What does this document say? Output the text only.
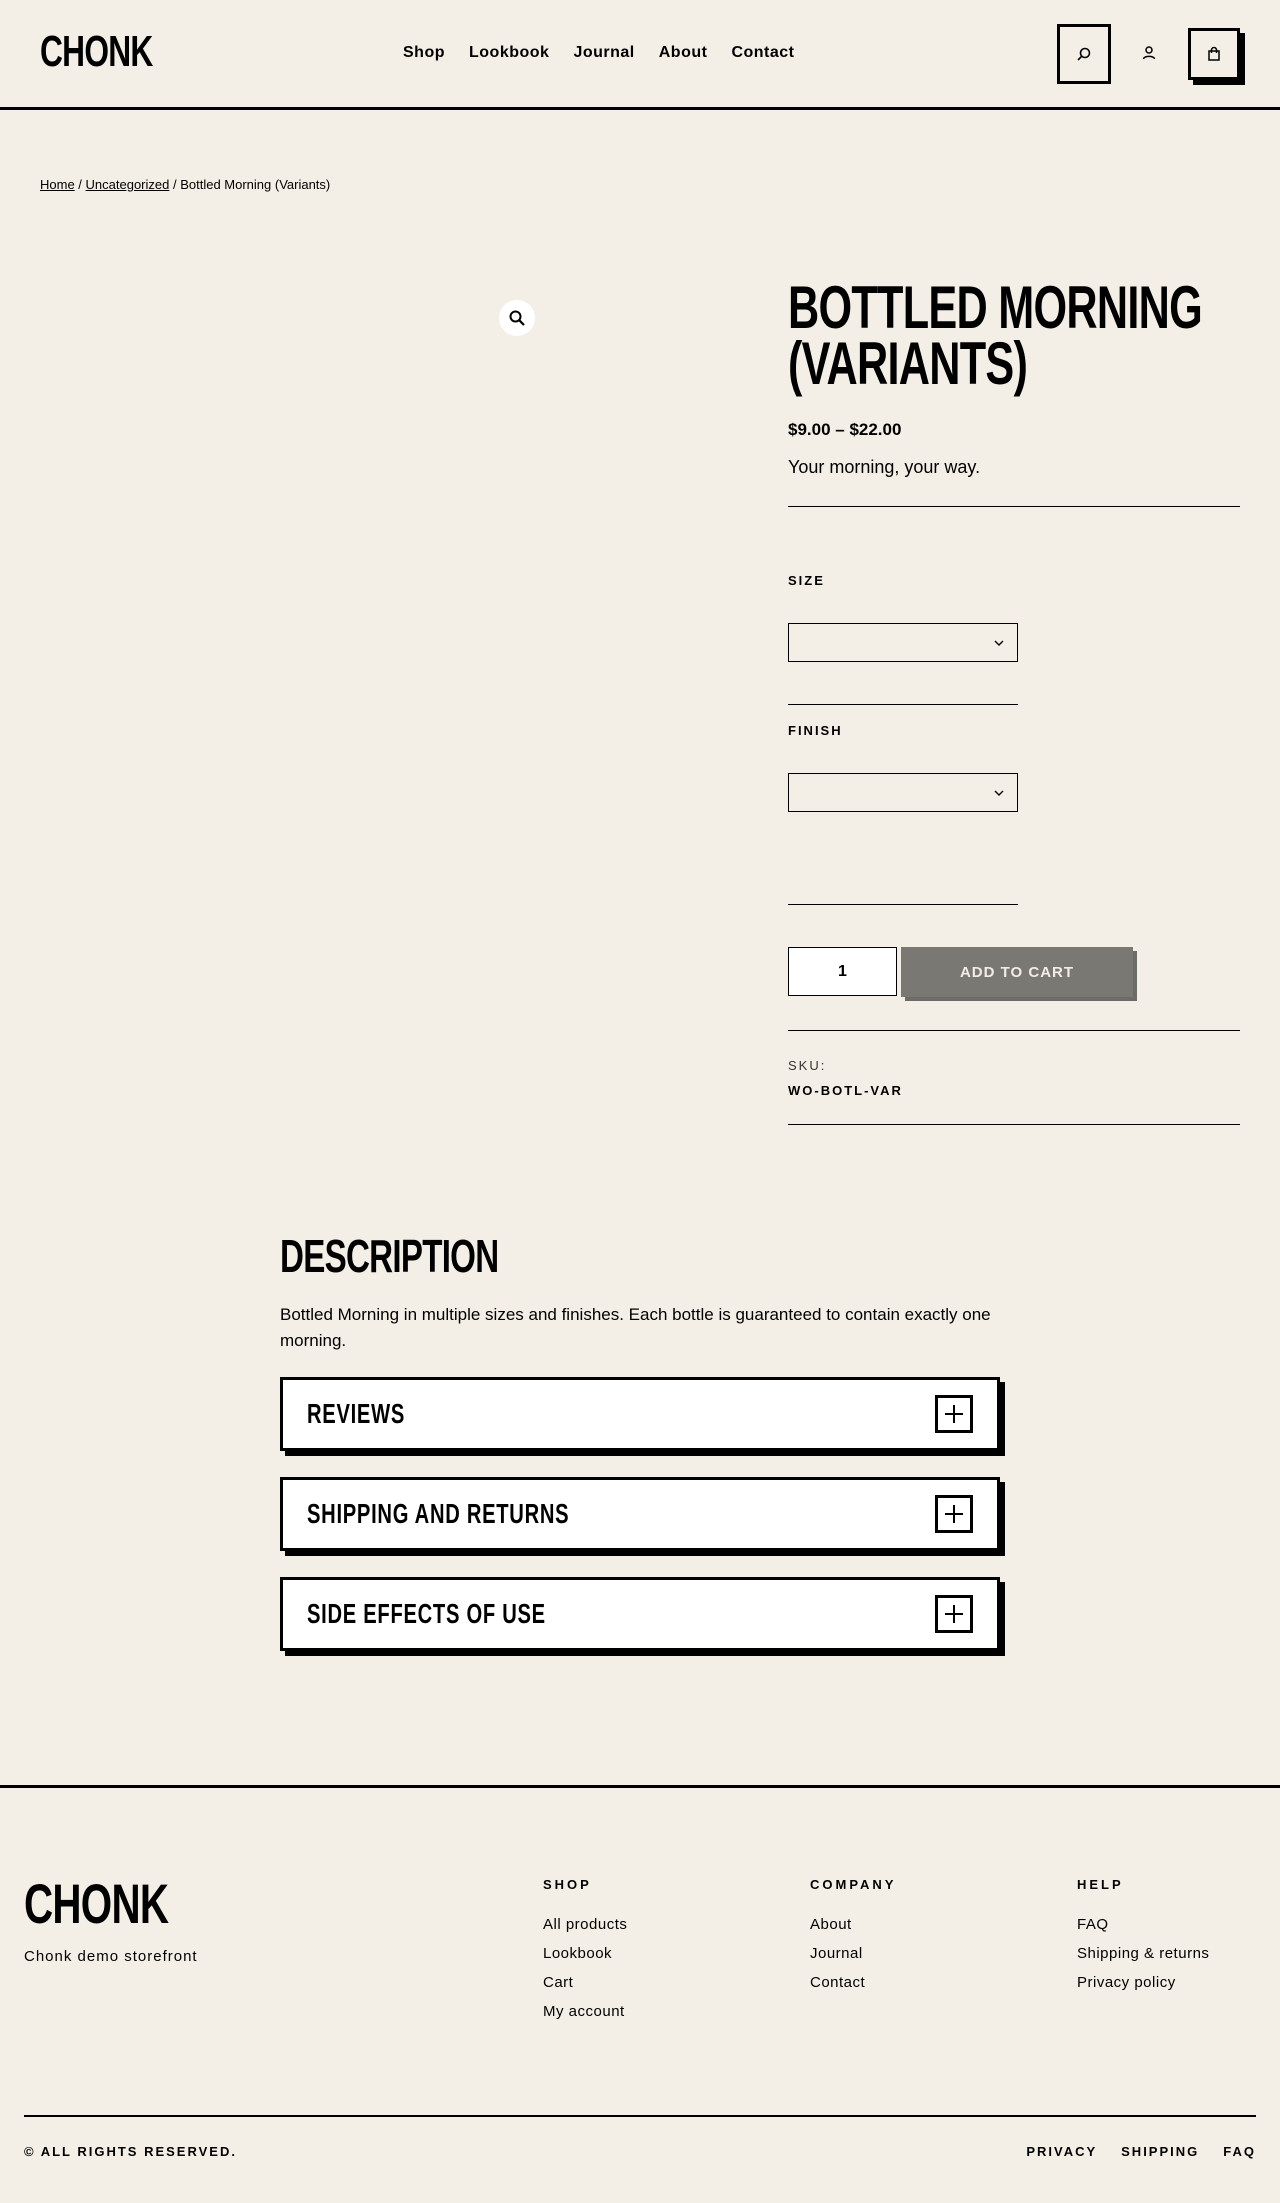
CHONK	Shop Lookbook Journal About Contact
Home / Uncategorized / Bottled Morning (Variants)
BOTTLED MORNING
(VARIANTS)
$9.00 – $22.00
Your morning, your way.
SIZE
FINISH
1	ADD TO CART
SKU:
WO-BOTL-VAR
DESCRIPTION

Bottled Morning in multiple sizes and finishes. Each bottle is guaranteed to contain exactly one morning.

REVIEWS
SHIPPING AND RETURNS
SIDE EFFECTS OF USE
CHONK
Chonk demo storefront
SHOP
All products
Lookbook
Cart
My account
COMPANY
About
Journal
Contact
HELP
FAQ
Shipping & returns
Privacy policy
© ALL RIGHTS RESERVED.	PRIVACY SHIPPING FAQ
